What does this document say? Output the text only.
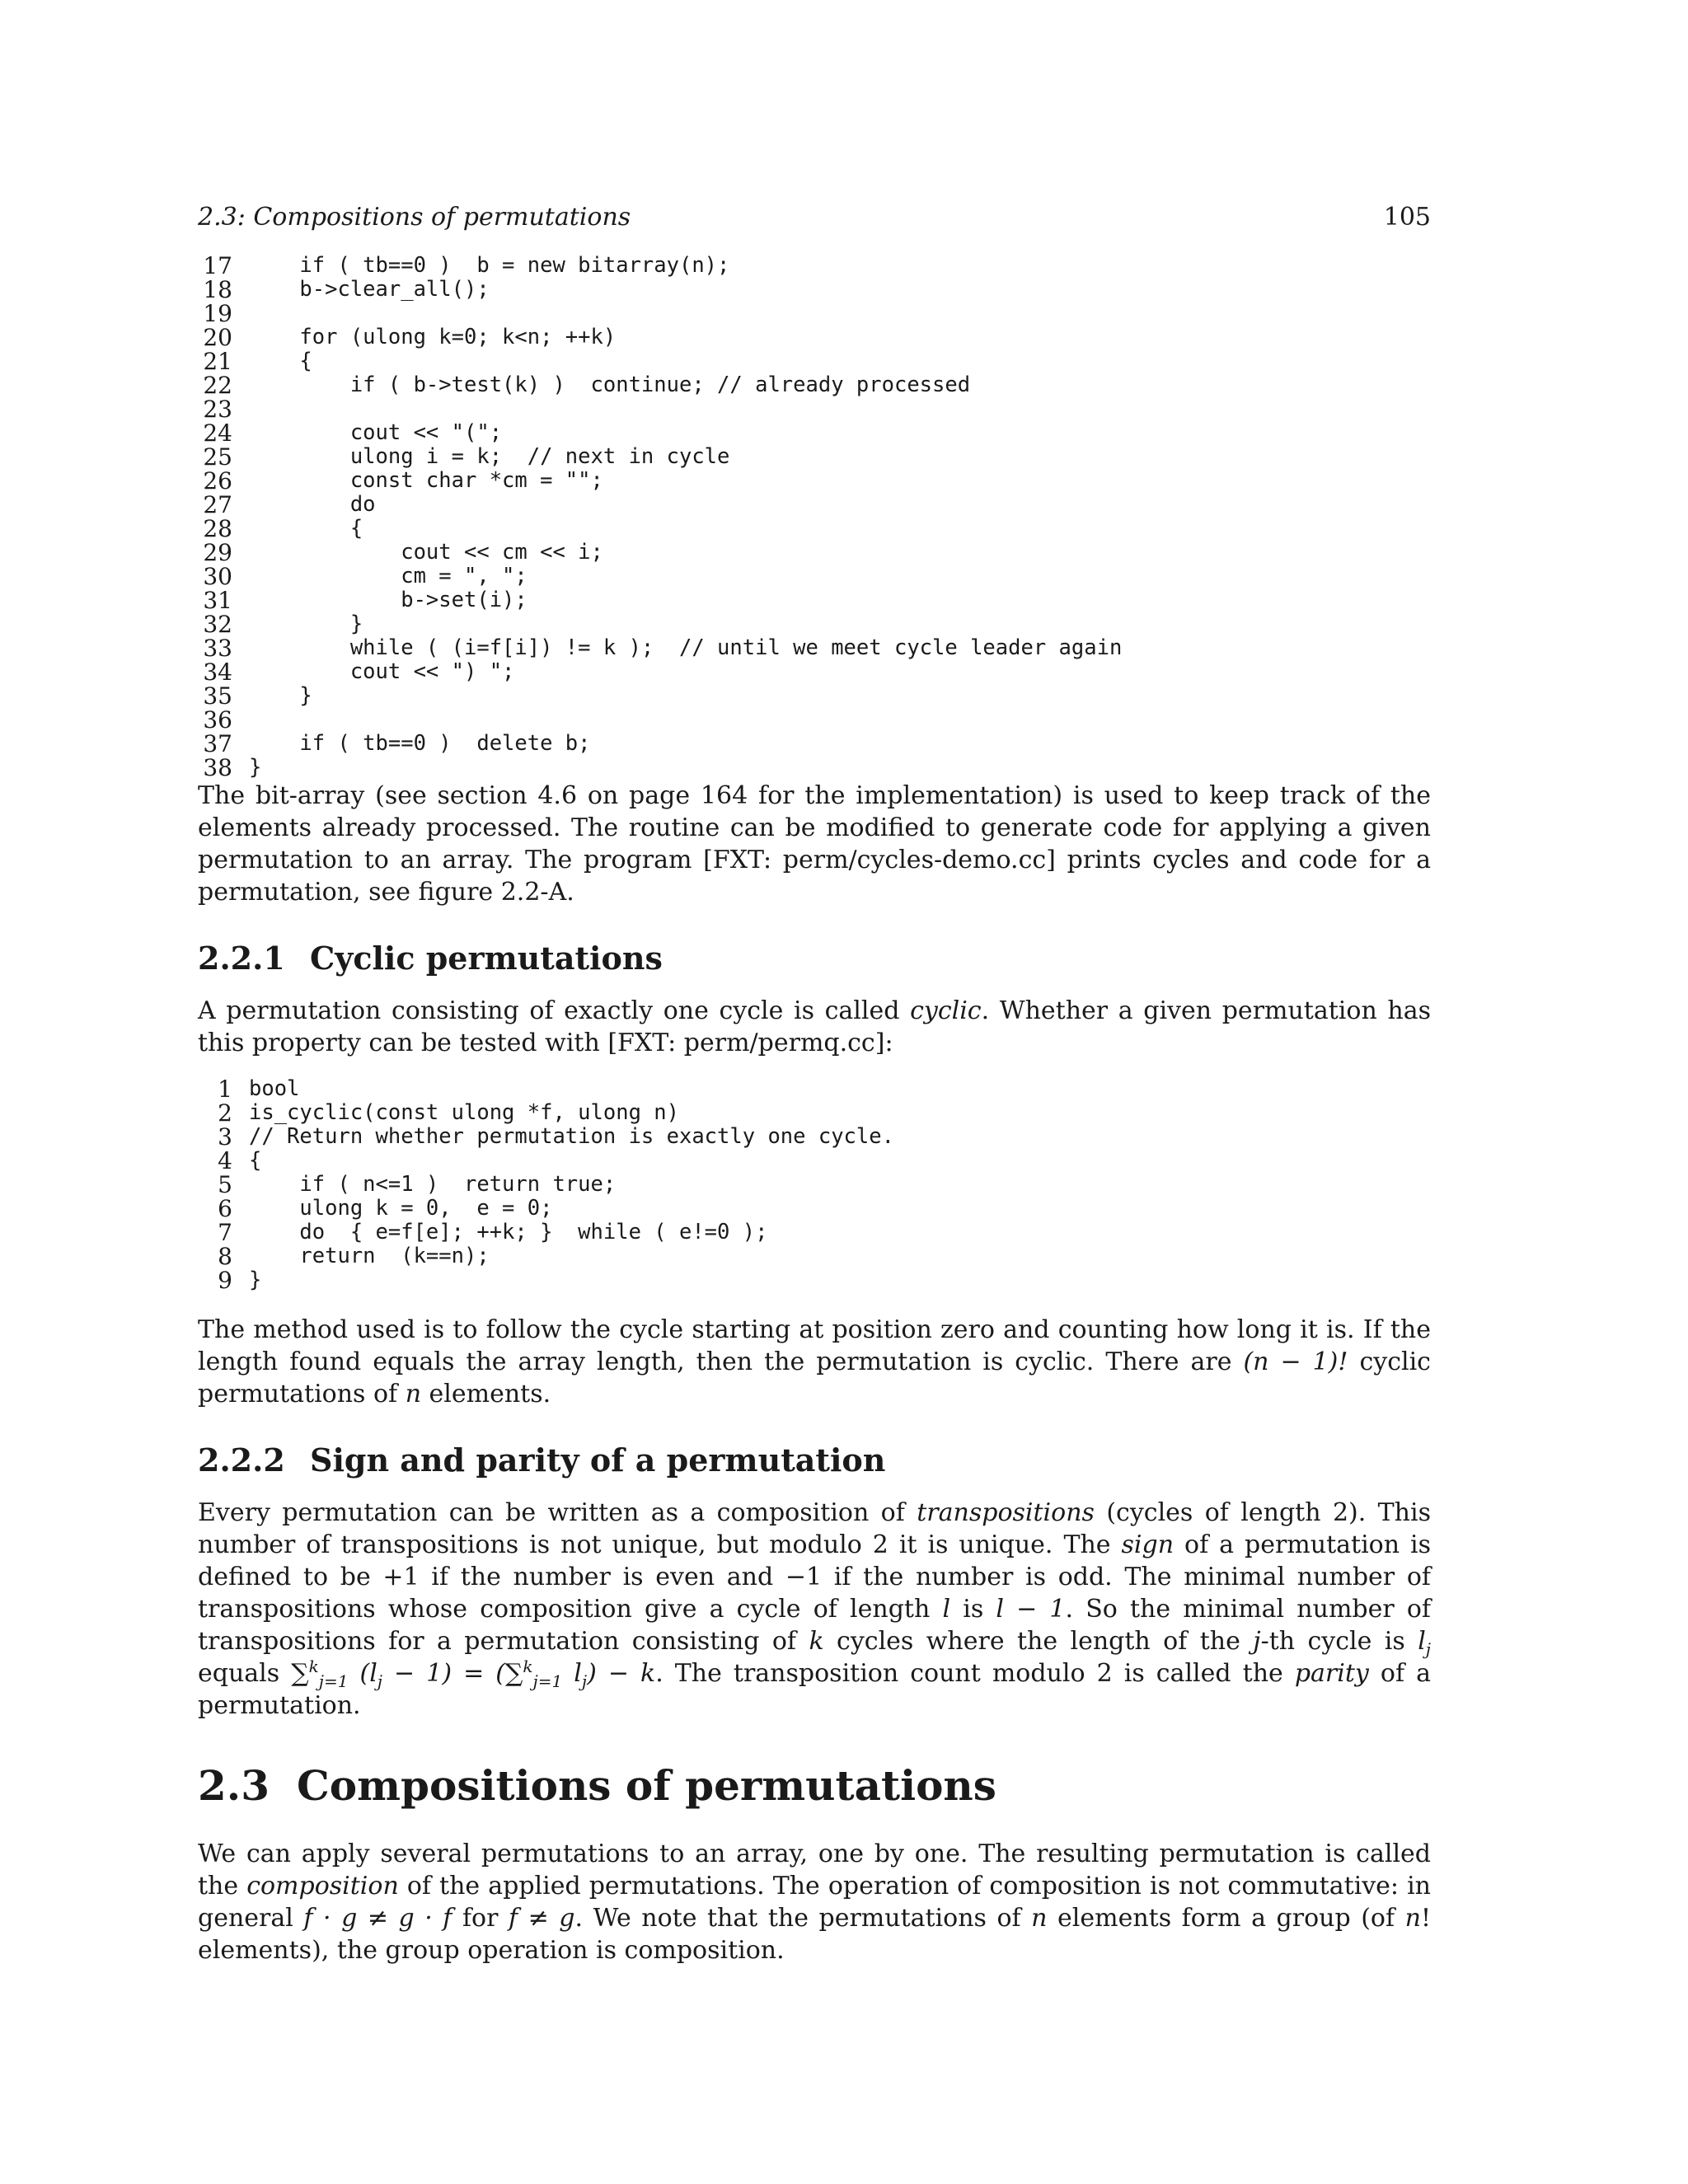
2.3: Compositions of permutations	105
17 if ( tb==0 )  b = new bitarray(n);
18 b->clear_all();
19
20 for (ulong k=0; k<n; ++k)
21 {
22 if ( b->test(k) )  continue; // already processed
23
24 cout << "(";
25 ulong i = k;  // next in cycle
26 const char *cm = "";
27 do
28 {
29 cout << cm << i;
30 cm = ", ";
31 b->set(i);
32 }
33 while ( (i=f[i]) != k );  // until we meet cycle leader again
34 cout << ") ";
35 }
36
37 if ( tb==0 )  delete b;
38 }

The bit-array (see section 4.6 on page 164 for the implementation) is used to keep track of the elements already processed. The routine can be modified to generate code for applying a given permutation to an array. The program [FXT: perm/cycles-demo.cc] prints cycles and code for a permutation, see figure 2.2-A.

2.2.1 Cyclic permutations

A permutation consisting of exactly one cycle is called cyclic. Whether a given permutation has this property can be tested with [FXT: perm/permq.cc]:

1 bool
2 is_cyclic(const ulong *f, ulong n)
3 // Return whether permutation is exactly one cycle.
4 {
5 if ( n<=1 )  return true;
6 ulong k = 0,  e = 0;
7 do  { e=f[e]; ++k; }  while ( e!=0 );
8 return  (k==n);
9 }

The method used is to follow the cycle starting at position zero and counting how long it is. If the length found equals the array length, then the permutation is cyclic. There are (n − 1)! cyclic permutations of n elements.

2.2.2 Sign and parity of a permutation

Every permutation can be written as a composition of transpositions (cycles of length 2). This number of transpositions is not unique, but modulo 2 it is unique. The sign of a permutation is defined to be +1 if the number is even and −1 if the number is odd. The minimal number of transpositions whose composition give a cycle of length l is l − 1. So the minimal number of transpositions for a permutation consisting of k cycles where the length of the j-th cycle is $l_j$ equals ∑$^k_{j=1}$ $(l_j - 1) = (\sum^k_{j=1}$ $l_j) - k$. The transposition count modulo 2 is called the parity of a permutation.

2.3 Compositions of permutations

We can apply several permutations to an array, one by one. The resulting permutation is called the composition of the applied permutations. The operation of composition is not commutative: in general f · g ≠ g · f for f ≠ g. We note that the permutations of n elements form a group (of n! elements), the group operation is composition.
